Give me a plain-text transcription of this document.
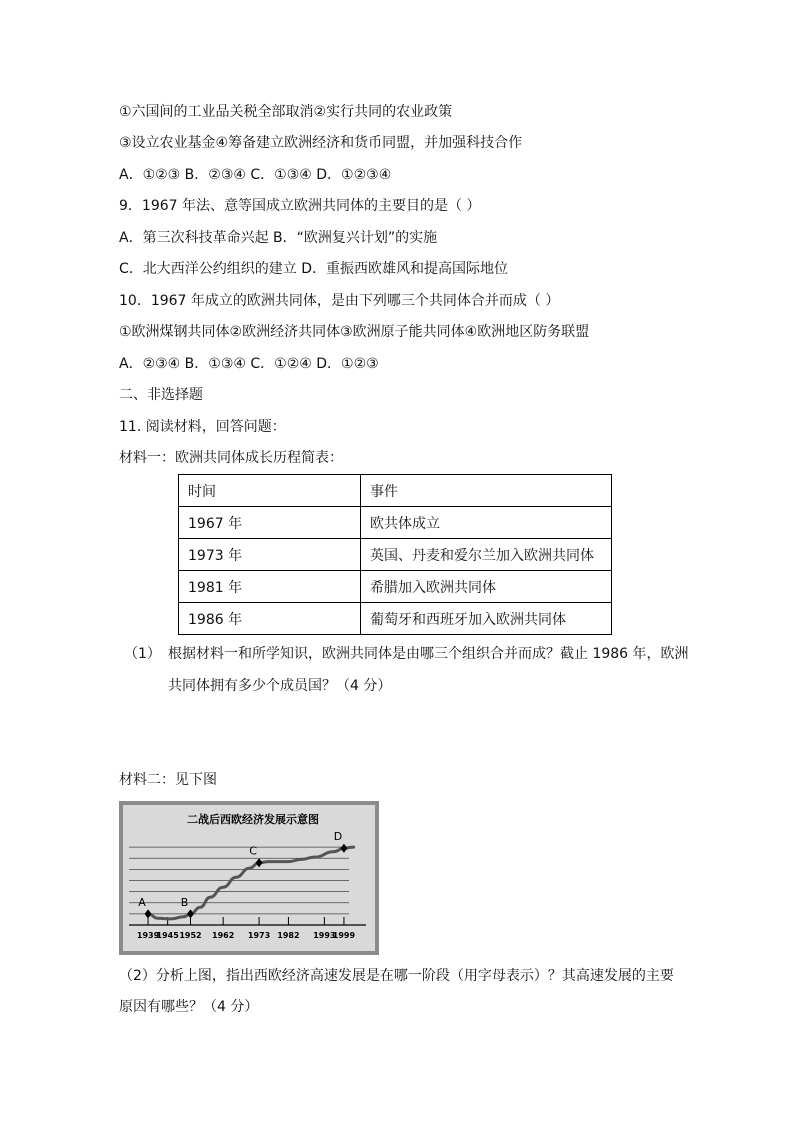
①六国间的工业品关税全部取消②实行共同的农业政策
③设立农业基金④筹备建立欧洲经济和货币同盟，并加强科技合作
A．①②③ B．②③④ C．①③④ D．①②③④
9．1967 年法、意等国成立欧洲共同体的主要目的是（ ）
A．第三次科技革命兴起 B．“欧洲复兴计划”的实施
C．北大西洋公约组织的建立 D．重振西欧雄风和提高国际地位
10．1967 年成立的欧洲共同体，是由下列哪三个共同体合并而成（ ）
①欧洲煤钢共同体②欧洲经济共同体③欧洲原子能共同体④欧洲地区防务联盟
A．②③④ B．①③④ C．①②④ D．①②③
二、非选择题
11. 阅读材料，回答问题：
材料一：欧洲共同体成长历程简表：
时间	事件
1967 年	欧共体成立
1973 年	英国、丹麦和爱尔兰加入欧洲共同体
1981 年	希腊加入欧洲共同体
1986 年	葡萄牙和西班牙加入欧洲共同体
（1） 根据材料一和所学知识，欧洲共同体是由哪三个组织合并而成？截止 1986 年，欧洲
共同体拥有多少个成员国？（4 分）
材料二：见下图
二战后西欧经济发展示意图
1939
1945 1952 1962 1973 1982 1993
1999
A	B
C
D
（2）分析上图，指出西欧经济高速发展是在哪一阶段（用字母表示）？其高速发展的主要
原因有哪些？（4 分）
